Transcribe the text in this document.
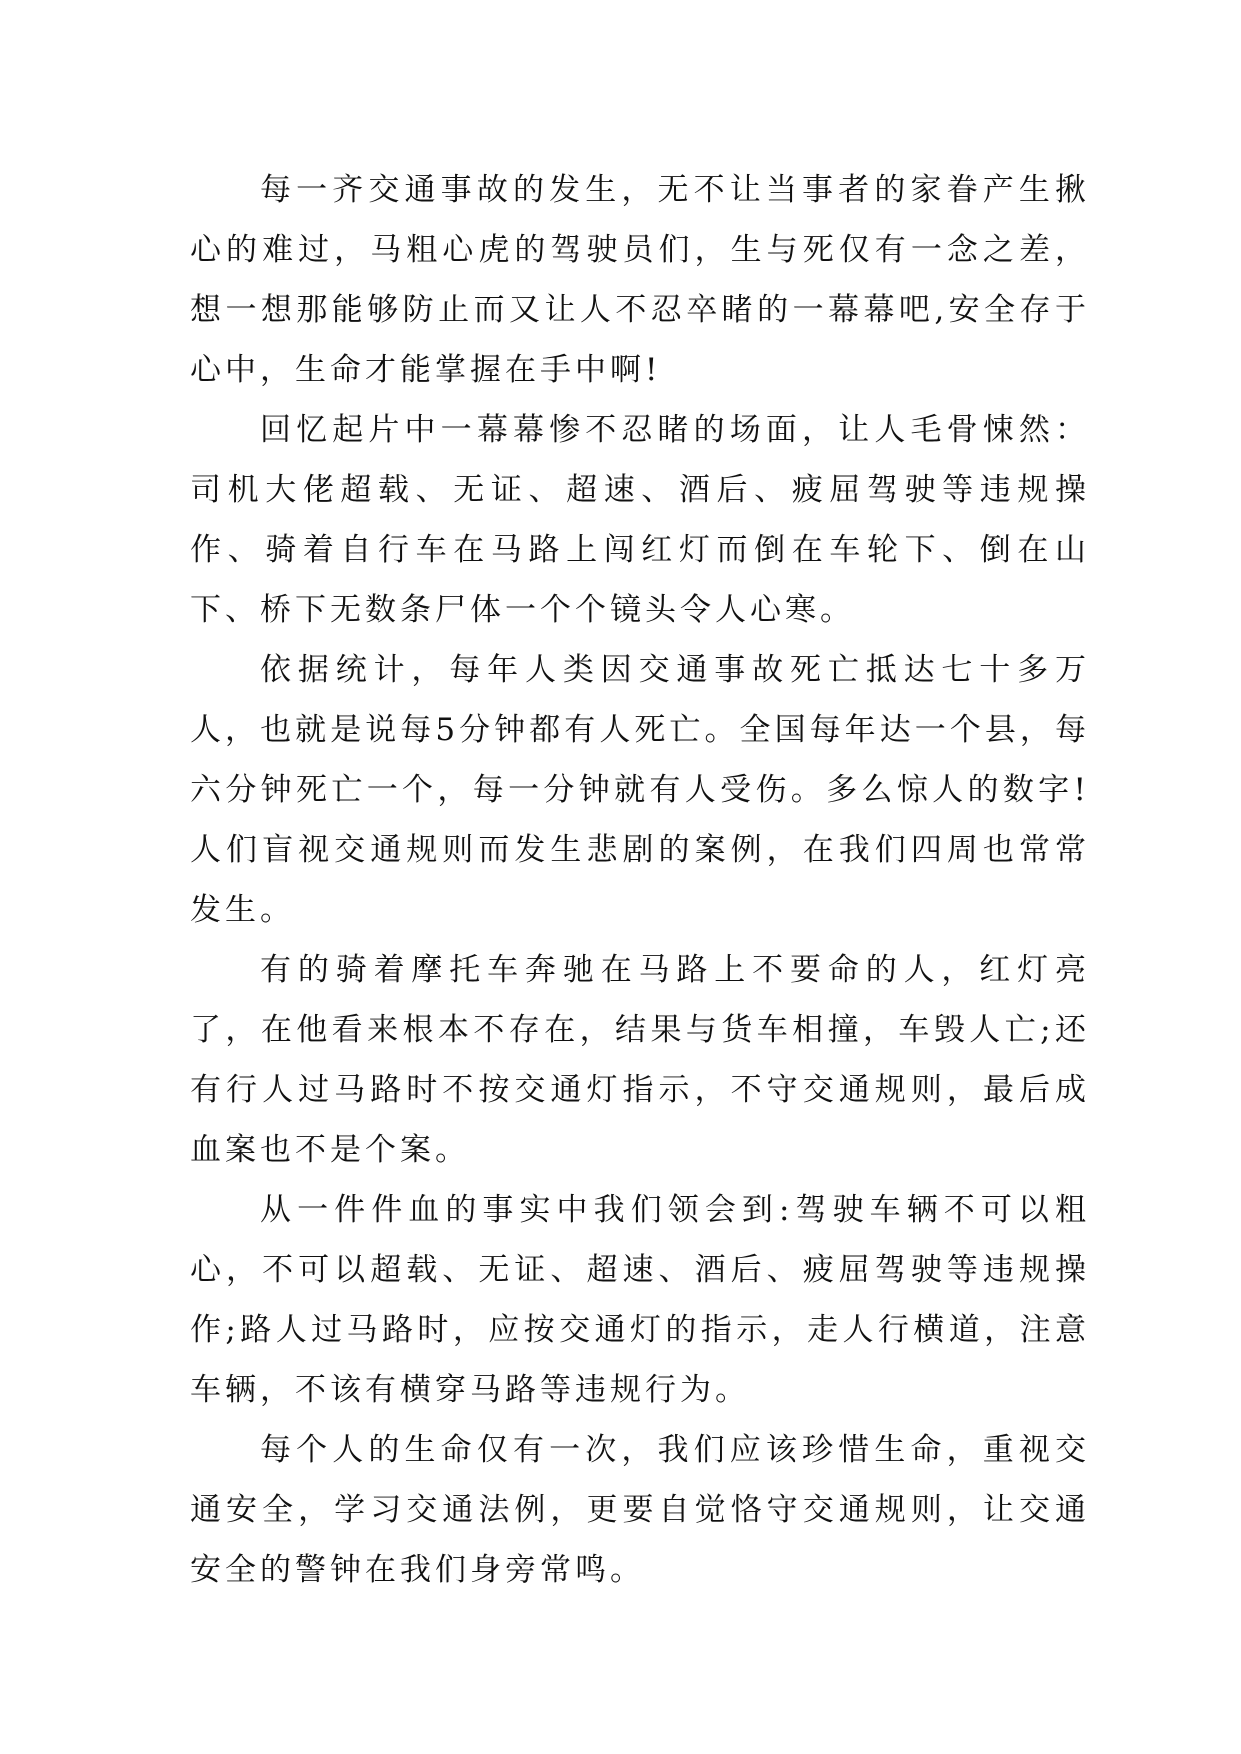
每一齐交通事故的发生，无不让当事者的家眷产生揪心的难过，马粗心虎的驾驶员们，生与死仅有一念之差，想一想那能够防止而又让人不忍卒睹的一幕幕吧,安全存于心中，生命才能掌握在手中啊!

回忆起片中一幕幕惨不忍睹的场面，让人毛骨悚然：司机大佬超载、无证、超速、酒后、疲屈驾驶等违规操作、骑着自行车在马路上闯红灯而倒在车轮下、倒在山下、桥下无数条尸体一个个镜头令人心寒。

依据统计，每年人类因交通事故死亡抵达七十多万人，也就是说每5分钟都有人死亡。全国每年达一个县，每六分钟死亡一个，每一分钟就有人受伤。多么惊人的数字!人们盲视交通规则而发生悲剧的案例，在我们四周也常常发生。

有的骑着摩托车奔驰在马路上不要命的人，红灯亮了，在他看来根本不存在，结果与货车相撞，车毁人亡;还有行人过马路时不按交通灯指示，不守交通规则，最后成血案也不是个案。

从一件件血的事实中我们领会到:驾驶车辆不可以粗心，不可以超载、无证、超速、酒后、疲屈驾驶等违规操作;路人过马路时，应按交通灯的指示，走人行横道，注意车辆，不该有横穿马路等违规行为。

每个人的生命仅有一次，我们应该珍惜生命，重视交通安全，学习交通法例，更要自觉恪守交通规则，让交通安全的警钟在我们身旁常鸣。
